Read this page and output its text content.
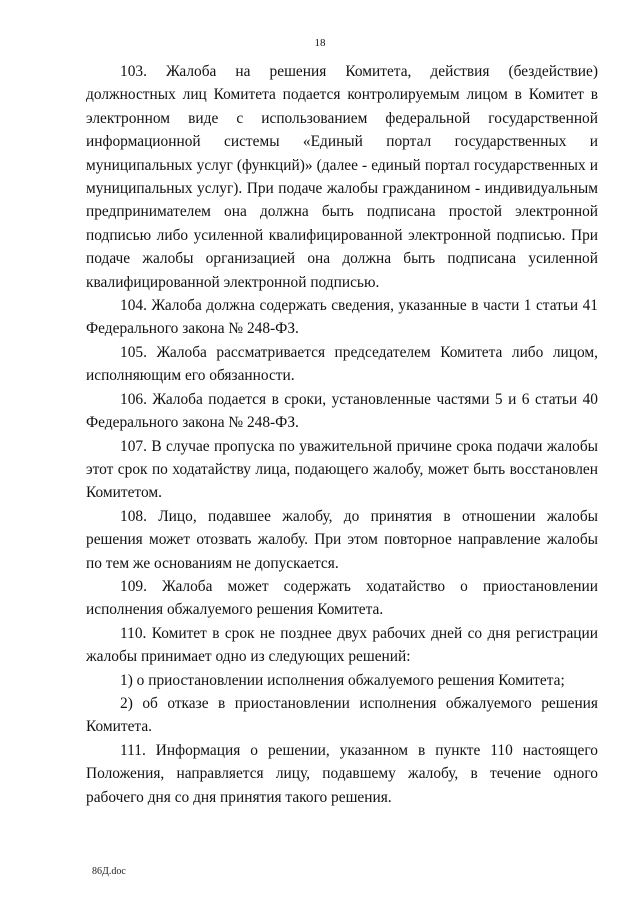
18

103. Жалоба на решения Комитета, действия (бездействие) должностных лиц Комитета подается контролируемым лицом в Комитет в электронном виде с использованием федеральной государственной информационной системы «Единый портал государственных и муниципальных услуг (функций)» (далее - единый портал государственных и муниципальных услуг). При подаче жалобы гражданином - индивидуальным предпринимателем она должна быть подписана простой электронной подписью либо усиленной квалифицированной электронной подписью. При подаче жалобы организацией она должна быть подписана усиленной квалифицированной электронной подписью.

104. Жалоба должна содержать сведения, указанные в части 1 статьи 41 Федерального закона № 248-ФЗ.

105. Жалоба рассматривается председателем Комитета либо лицом, исполняющим его обязанности.

106. Жалоба подается в сроки, установленные частями 5 и 6 статьи 40 Федерального закона № 248-ФЗ.

107. В случае пропуска по уважительной причине срока подачи жалобы этот срок по ходатайству лица, подающего жалобу, может быть восстановлен Комитетом.

108. Лицо, подавшее жалобу, до принятия в отношении жалобы решения может отозвать жалобу. При этом повторное направление жалобы по тем же основаниям не допускается.

109. Жалоба может содержать ходатайство о приостановлении исполнения обжалуемого решения Комитета.

110. Комитет в срок не позднее двух рабочих дней со дня регистрации жалобы принимает одно из следующих решений:

1) о приостановлении исполнения обжалуемого решения Комитета;

2) об отказе в приостановлении исполнения обжалуемого решения Комитета.

111. Информация о решении, указанном в пункте 110 настоящего Положения, направляется лицу, подавшему жалобу, в течение одного рабочего дня со дня принятия такого решения.

86Д.doc
